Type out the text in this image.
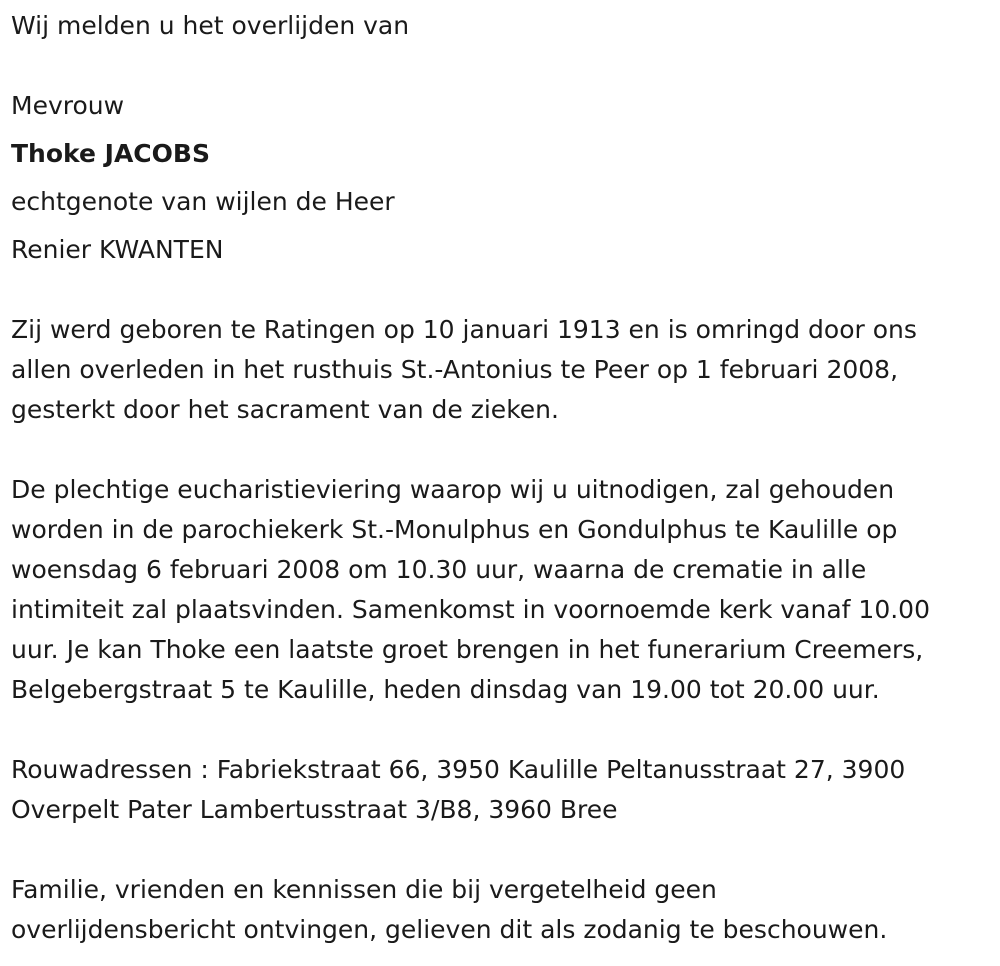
Wij melden u het overlijden van
Mevrouw
Thoke JACOBS
echtgenote van wijlen de Heer
Renier KWANTEN
Zij werd geboren te Ratingen op 10 januari 1913 en is omringd door ons
allen overleden in het rusthuis St.-Antonius te Peer op 1 februari 2008,
gesterkt door het sacrament van de zieken.
De plechtige eucharistieviering waarop wij u uitnodigen, zal gehouden
worden in de parochiekerk St.-Monulphus en Gondulphus te Kaulille op
woensdag 6 februari 2008 om 10.30 uur, waarna de crematie in alle
intimiteit zal plaatsvinden. Samenkomst in voornoemde kerk vanaf 10.00
uur. Je kan Thoke een laatste groet brengen in het funerarium Creemers,
Belgebergstraat 5 te Kaulille, heden dinsdag van 19.00 tot 20.00 uur.
Rouwadressen : Fabriekstraat 66, 3950 Kaulille Peltanusstraat 27, 3900
Overpelt Pater Lambertusstraat 3/B8, 3960 Bree
Familie, vrienden en kennissen die bij vergetelheid geen
overlijdensbericht ontvingen, gelieven dit als zodanig te beschouwen.
